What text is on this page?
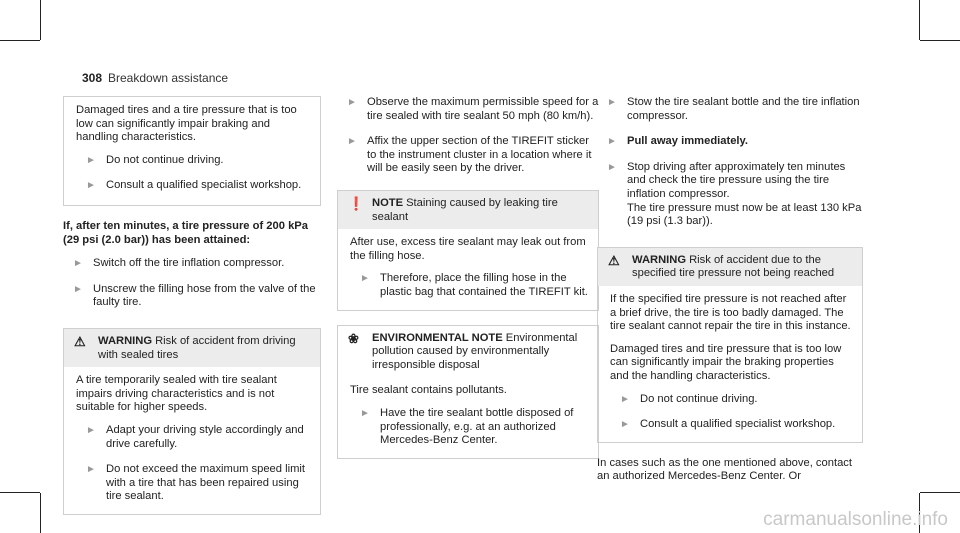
308 Breakdown assistance

Damaged tires and a tire pressure that is too low can significantly impair braking and handling characteristics.

► Do not continue driving.
► Consult a qualified specialist workshop.
If, after ten minutes, a tire pressure of 200 kPa (29 psi (2.0 bar)) has been attained:
► Switch off the tire inflation compressor.
► Unscrew the filling hose from the valve of the faulty tire.
⚠ WARNING Risk of accident from driving with sealed tires

A tire temporarily sealed with tire sealant impairs driving characteristics and is not suitable for higher speeds.

► Adapt your driving style accordingly and drive carefully.
► Do not exceed the maximum speed limit with a tire that has been repaired using tire sealant.
► Observe the maximum permissible speed for a tire sealed with tire sealant 50 mph (80 km/h).
► Affix the upper section of the TIREFIT sticker to the instrument cluster in a location where it will be easily seen by the driver.
❗ NOTE Staining caused by leaking tire sealant

After use, excess tire sealant may leak out from the filling hose.

► Therefore, place the filling hose in the plastic bag that contained the TIREFIT kit.
❀ ENVIRONMENTAL NOTE Environmental pollution caused by environmentally irresponsible disposal

Tire sealant contains pollutants.

► Have the tire sealant bottle disposed of professionally, e.g. at an authorized Mercedes-Benz Center.
► Stow the tire sealant bottle and the tire inflation compressor.
► Pull away immediately.
► Stop driving after approximately ten minutes and check the tire pressure using the tire inflation compressor.
The tire pressure must now be at least 130 kPa (19 psi (1.3 bar)).
⚠ WARNING Risk of accident due to the specified tire pressure not being reached

If the specified tire pressure is not reached after a brief drive, the tire is too badly damaged. The tire sealant cannot repair the tire in this instance.

Damaged tires and tire pressure that is too low can significantly impair the braking properties and the handling characteristics.

► Do not continue driving.
► Consult a qualified specialist workshop.

In cases such as the one mentioned above, contact an authorized Mercedes-Benz Center. Or

carmanualsonline.info
